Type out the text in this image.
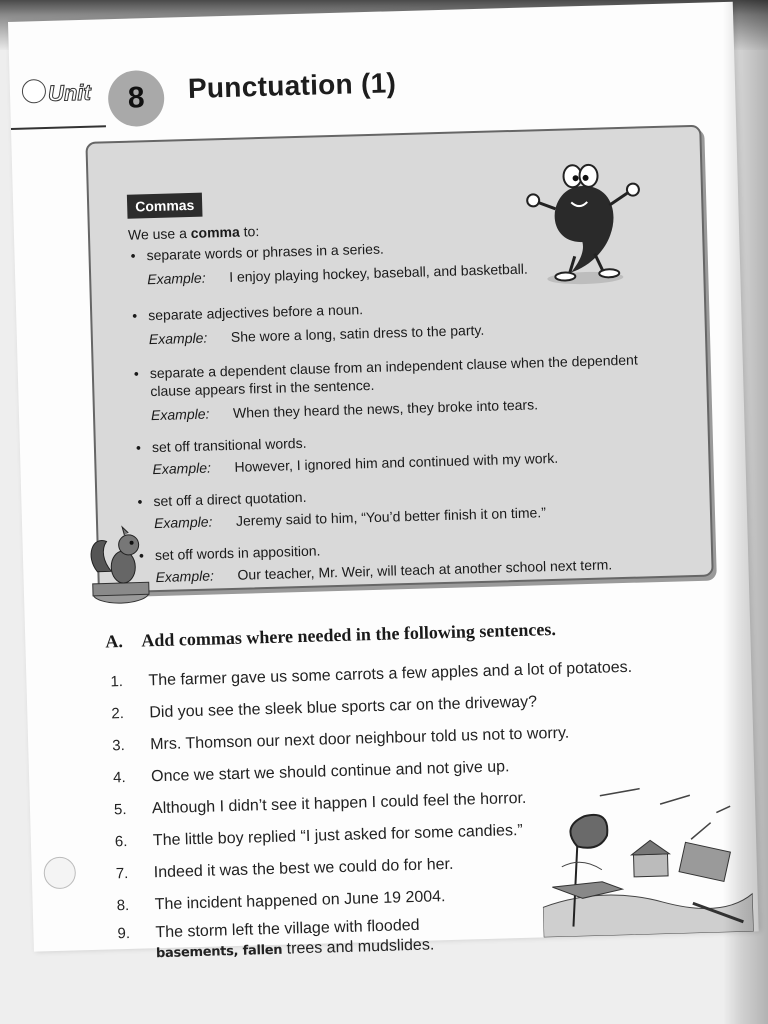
Unit	8	Punctuation (1)
Commas
We use a comma to:
• separate words or phrases in a series.
Example: I enjoy playing hockey, baseball, and basketball.
• separate adjectives before a noun.
Example: She wore a long, satin dress to the party.
• separate a dependent clause from an independent clause when the dependent
clause appears first in the sentence.
Example: When they heard the news, they broke into tears.
• set off transitional words.
Example: However, I ignored him and continued with my work.
• set off a direct quotation.
Example: Jeremy said to him, “You’d better finish it on time.”
• set off words in apposition.
Example: Our teacher, Mr. Weir, will teach at another school next term.
A. Add commas where needed in the following sentences.
1. The farmer gave us some carrots a few apples and a lot of potatoes.
2. Did you see the sleek blue sports car on the driveway?
3. Mrs. Thomson our next door neighbour told us not to worry.
4. Once we start we should continue and not give up.
5. Although I didn’t see it happen I could feel the horror.
6. The little boy replied “I just asked for some candies.”
7. Indeed it was the best we could do for her.
8. The incident happened on June 19 2004.
9. The storm left the village with flooded
basements, fallen trees and mudslides.
